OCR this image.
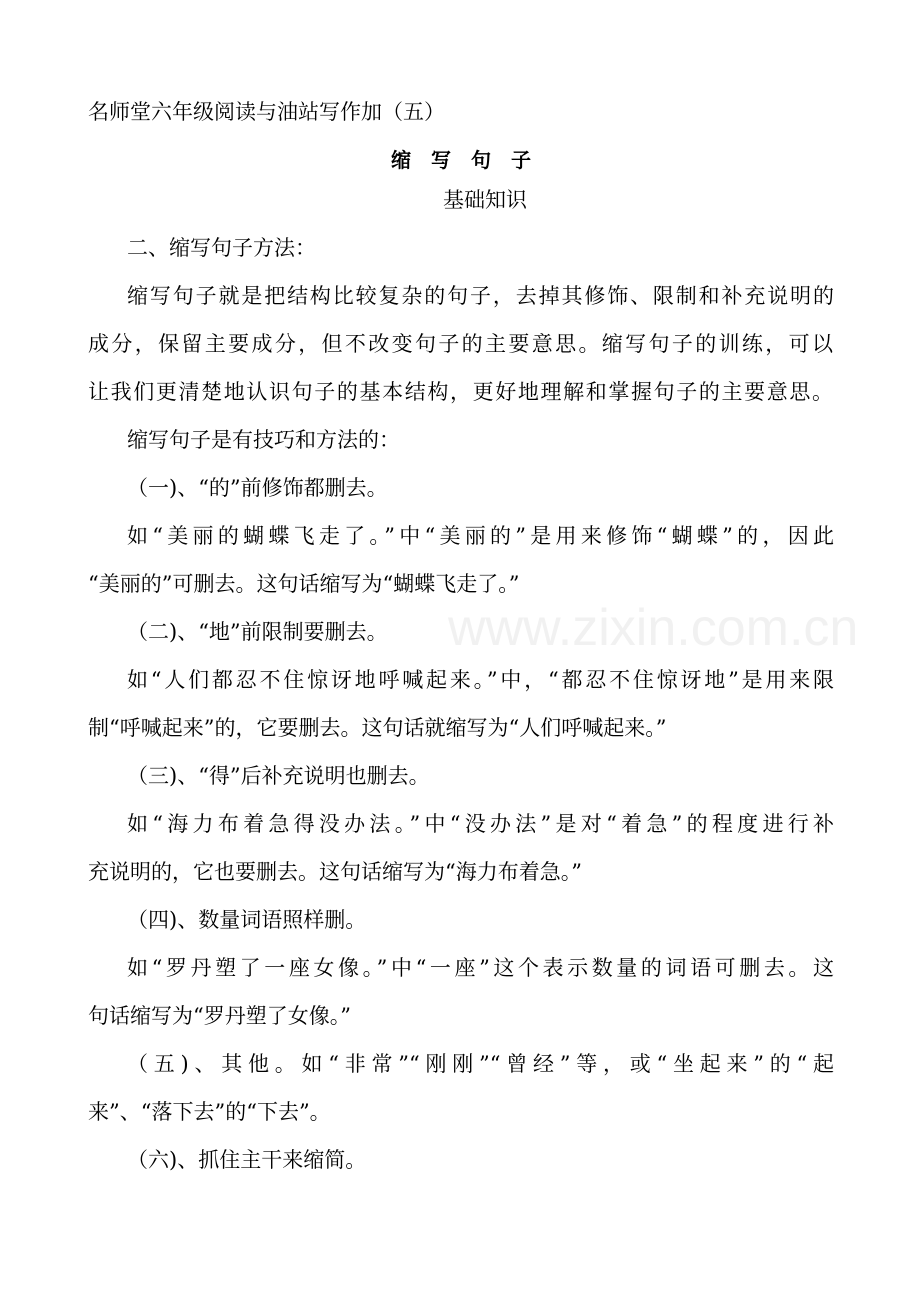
www.zixin.com.cn
名师堂六年级阅读与油站写作加（五）
缩写句子
基础知识
二、缩写句子方法：
缩写句子就是把结构比较复杂的句子，去掉其修饰、限制和补充说明的
成分，保留主要成分，但不改变句子的主要意思。缩写句子的训练，可以
让我们更清楚地认识句子的基本结构，更好地理解和掌握句子的主要意思。
缩写句子是有技巧和方法的：
（一)、“的”前修饰都删去。
如“美丽的蝴蝶飞走了。”中“美丽的”是用来修饰“蝴蝶”的，因此
“美丽的”可删去。这句话缩写为“蝴蝶飞走了。”
（二)、“地”前限制要删去。
如“人们都忍不住惊讶地呼喊起来。”中，“都忍不住惊讶地”是用来限
制“呼喊起来”的，它要删去。这句话就缩写为“人们呼喊起来。”
（三)、“得”后补充说明也删去。
如“海力布着急得没办法。”中“没办法”是对“着急”的程度进行补
充说明的，它也要删去。这句话缩写为“海力布着急。”
（四)、数量词语照样删。
如“罗丹塑了一座女像。”中“一座”这个表示数量的词语可删去。这
句话缩写为“罗丹塑了女像。”
（五)、其他。如“非常”“刚刚”“曾经”等，或“坐起来”的“起
来”、“落下去”的“下去”。
（六)、抓住主干来缩简。
